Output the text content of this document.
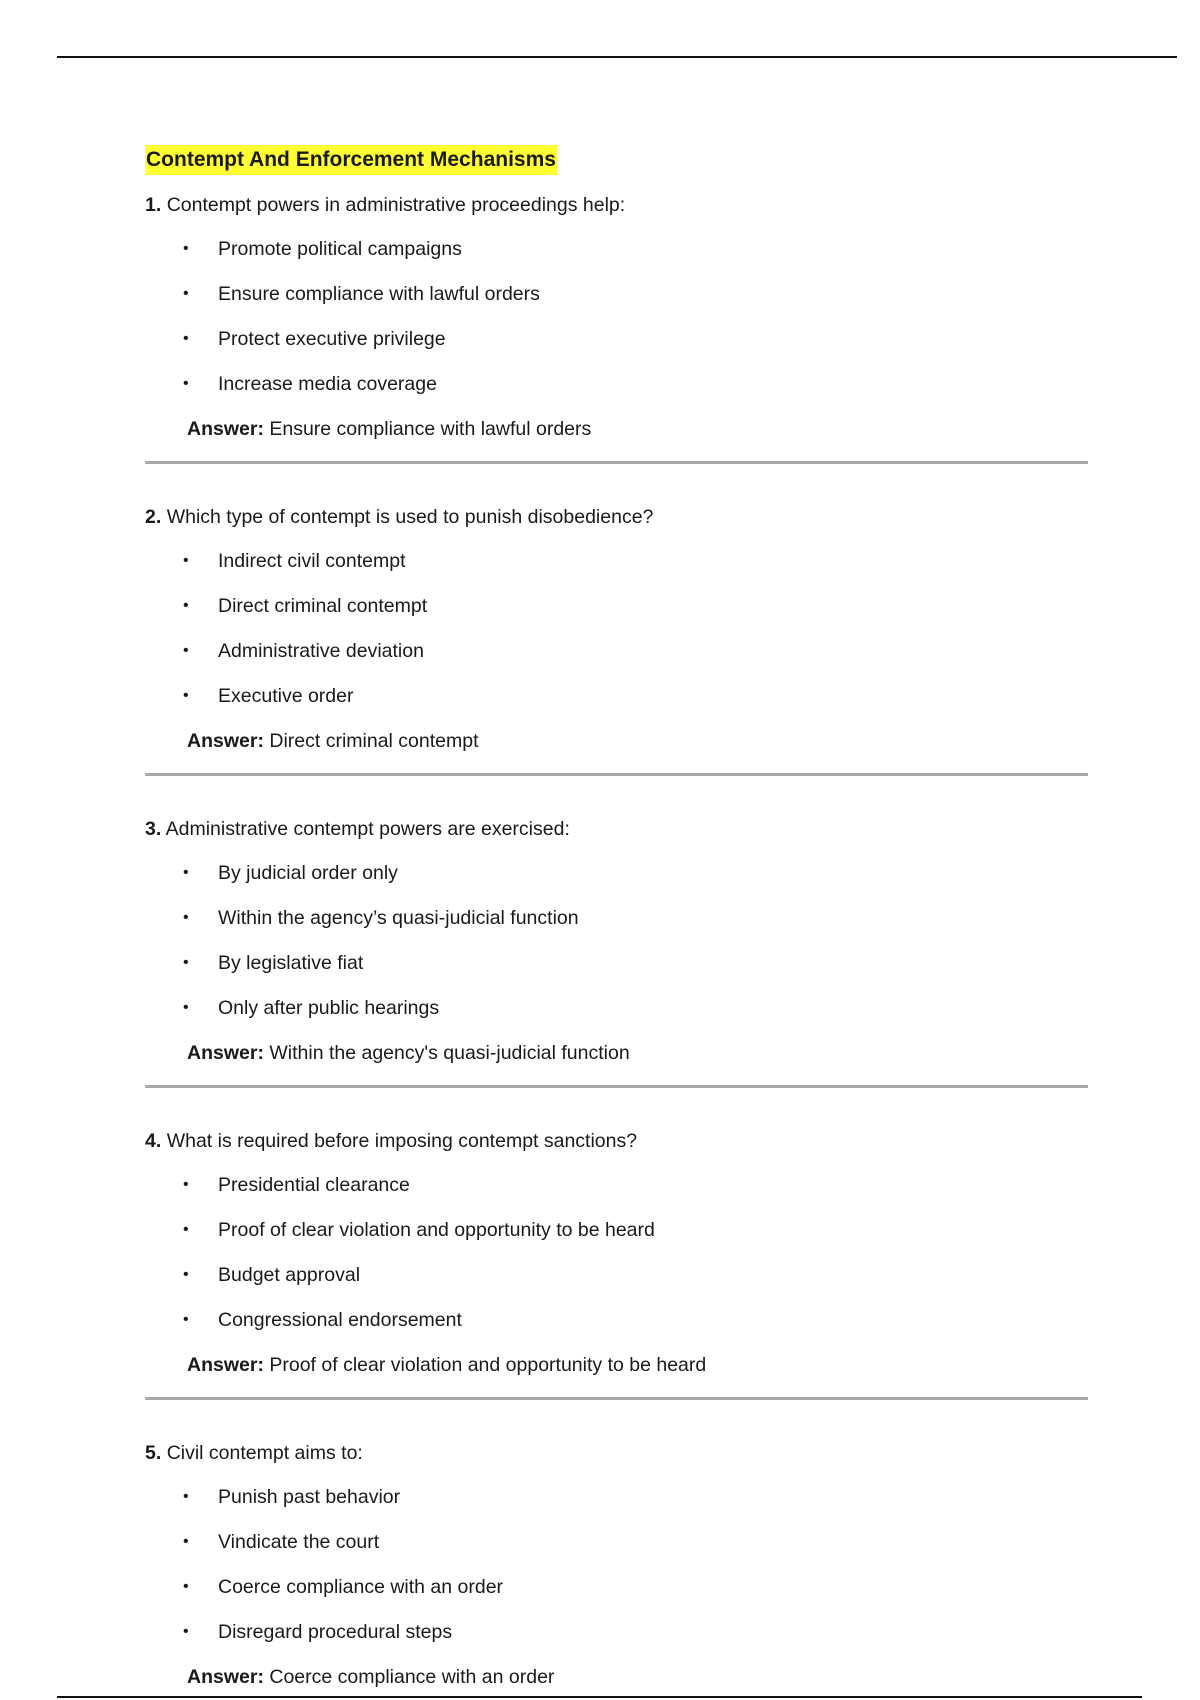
Contempt And Enforcement Mechanisms

1. Contempt powers in administrative proceedings help:

• Promote political campaigns
• Ensure compliance with lawful orders
• Protect executive privilege
• Increase media coverage

Answer: Ensure compliance with lawful orders

2. Which type of contempt is used to punish disobedience?

• Indirect civil contempt
• Direct criminal contempt
• Administrative deviation
• Executive order

Answer: Direct criminal contempt

3. Administrative contempt powers are exercised:

• By judicial order only
• Within the agency’s quasi-judicial function
• By legislative fiat
• Only after public hearings

Answer: Within the agency's quasi-judicial function

4. What is required before imposing contempt sanctions?

• Presidential clearance
• Proof of clear violation and opportunity to be heard
• Budget approval
• Congressional endorsement

Answer: Proof of clear violation and opportunity to be heard

5. Civil contempt aims to:

• Punish past behavior
• Vindicate the court
• Coerce compliance with an order
• Disregard procedural steps

Answer: Coerce compliance with an order
